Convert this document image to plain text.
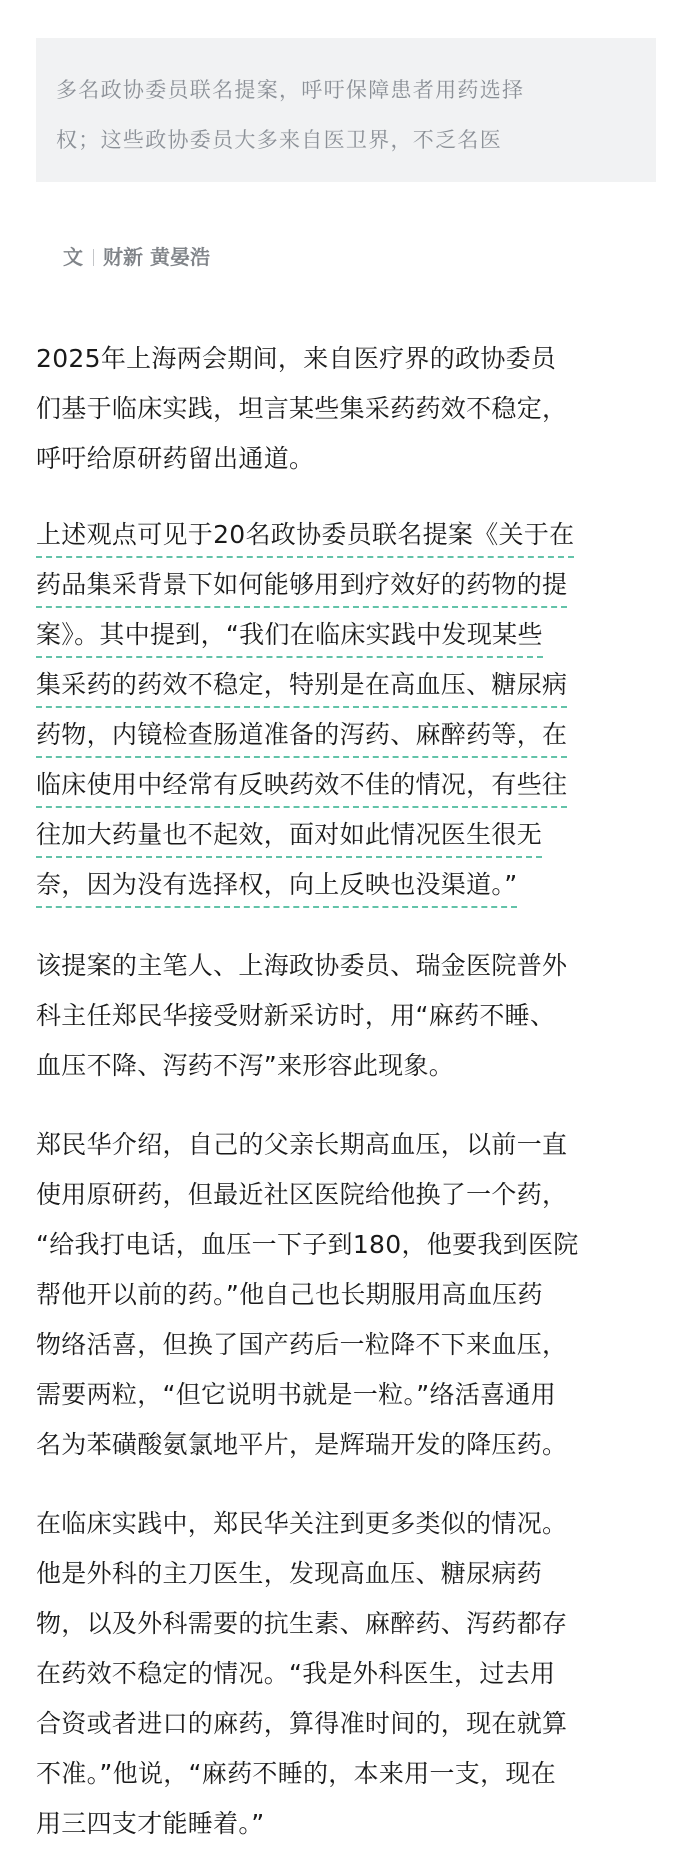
多名政协委员联名提案，呼吁保障患者用药选择
权；这些政协委员大多来自医卫界，不乏名医
文 财新 黄晏浩
2025年上海两会期间，来自医疗界的政协委员
们基于临床实践，坦言某些集采药药效不稳定，
呼吁给原研药留出通道。
上述观点可见于20名政协委员联名提案《关于在
药品集采背景下如何能够用到疗效好的药物的提
案》。其中提到，“我们在临床实践中发现某些
集采药的药效不稳定，特别是在高血压、糖尿病
药物，内镜检查肠道准备的泻药、麻醉药等，在
临床使用中经常有反映药效不佳的情况，有些往
往加大药量也不起效，面对如此情况医生很无
奈，因为没有选择权，向上反映也没渠道。”
该提案的主笔人、上海政协委员、瑞金医院普外
科主任郑民华接受财新采访时，用“麻药不睡、
血压不降、泻药不泻”来形容此现象。
郑民华介绍，自己的父亲长期高血压，以前一直
使用原研药，但最近社区医院给他换了一个药，
“给我打电话，血压一下子到180，他要我到医院
帮他开以前的药。”他自己也长期服用高血压药
物络活喜，但换了国产药后一粒降不下来血压，
需要两粒，“但它说明书就是一粒。”络活喜通用
名为苯磺酸氨氯地平片，是辉瑞开发的降压药。
在临床实践中，郑民华关注到更多类似的情况。
他是外科的主刀医生，发现高血压、糖尿病药
物，以及外科需要的抗生素、麻醉药、泻药都存
在药效不稳定的情况。“我是外科医生，过去用
合资或者进口的麻药，算得准时间的，现在就算
不准。”他说，“麻药不睡的，本来用一支，现在
用三四支才能睡着。”
